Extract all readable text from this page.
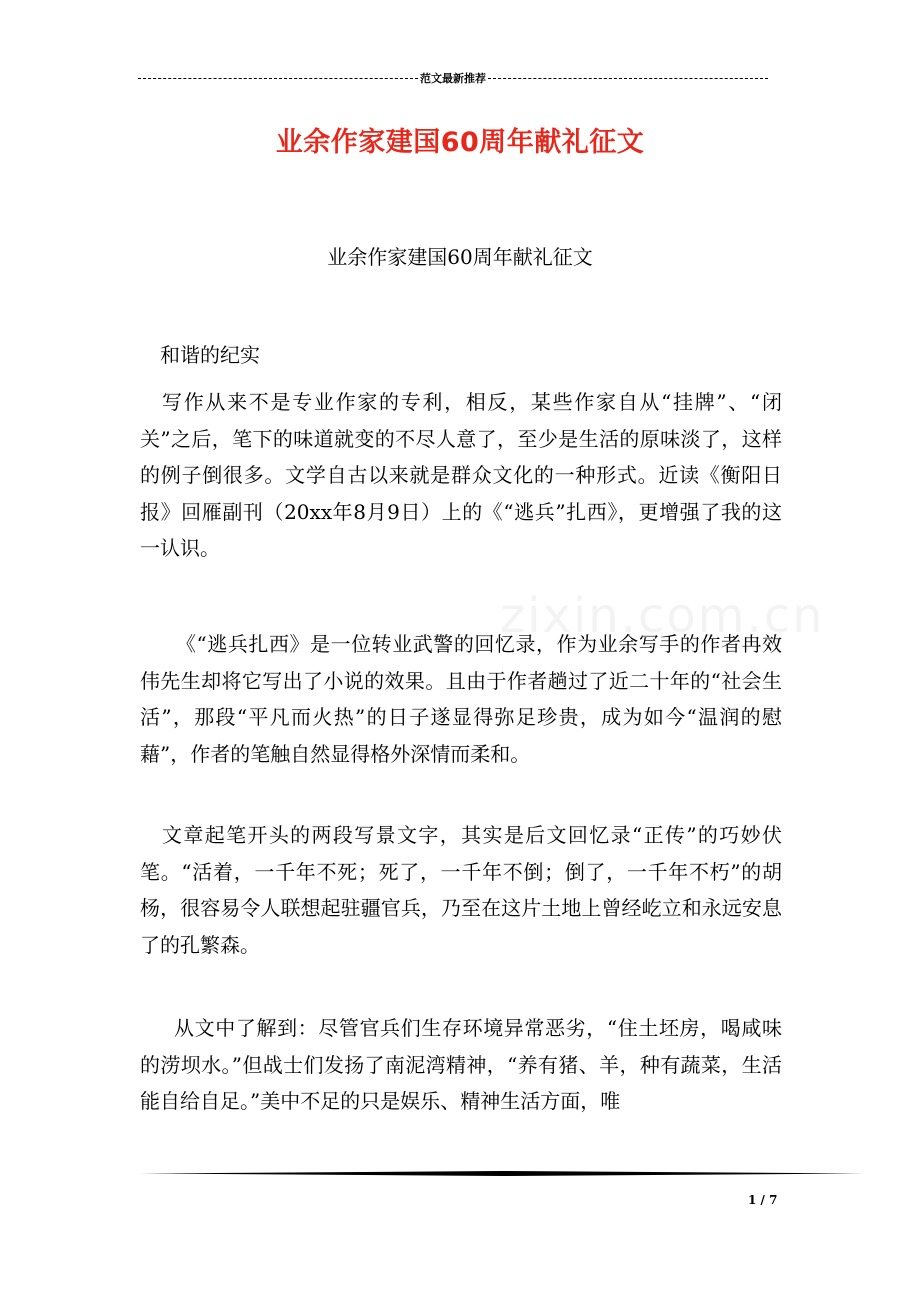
范文最新推荐
业余作家建国60周年献礼征文
业余作家建国60周年献礼征文
和谐的纪实
写作从来不是专业作家的专利，相反，某些作家自从“挂牌”、“闭关”之后，笔下的味道就变的不尽人意了，至少是生活的原味淡了，这样的例子倒很多。文学自古以来就是群众文化的一种形式。近读《衡阳日报》回雁副刊（20xx年8月9日）上的《“逃兵”扎西》，更增强了我的这一认识。
《“逃兵扎西》是一位转业武警的回忆录，作为业余写手的作者冉效伟先生却将它写出了小说的效果。且由于作者趟过了近二十年的“社会生活”，那段“平凡而火热”的日子遂显得弥足珍贵，成为如今“温润的慰藉”，作者的笔触自然显得格外深情而柔和。
文章起笔开头的两段写景文字，其实是后文回忆录“正传”的巧妙伏笔。“活着，一千年不死；死了，一千年不倒；倒了，一千年不朽”的胡杨，很容易令人联想起驻疆官兵，乃至在这片土地上曾经屹立和永远安息了的孔繁森。
从文中了解到：尽管官兵们生存环境异常恶劣，“住土坯房，喝咸味的涝坝水。”但战士们发扬了南泥湾精神，“养有猪、羊，种有蔬菜，生活能自给自足。”美中不足的只是娱乐、精神生活方面，唯
1 / 7
